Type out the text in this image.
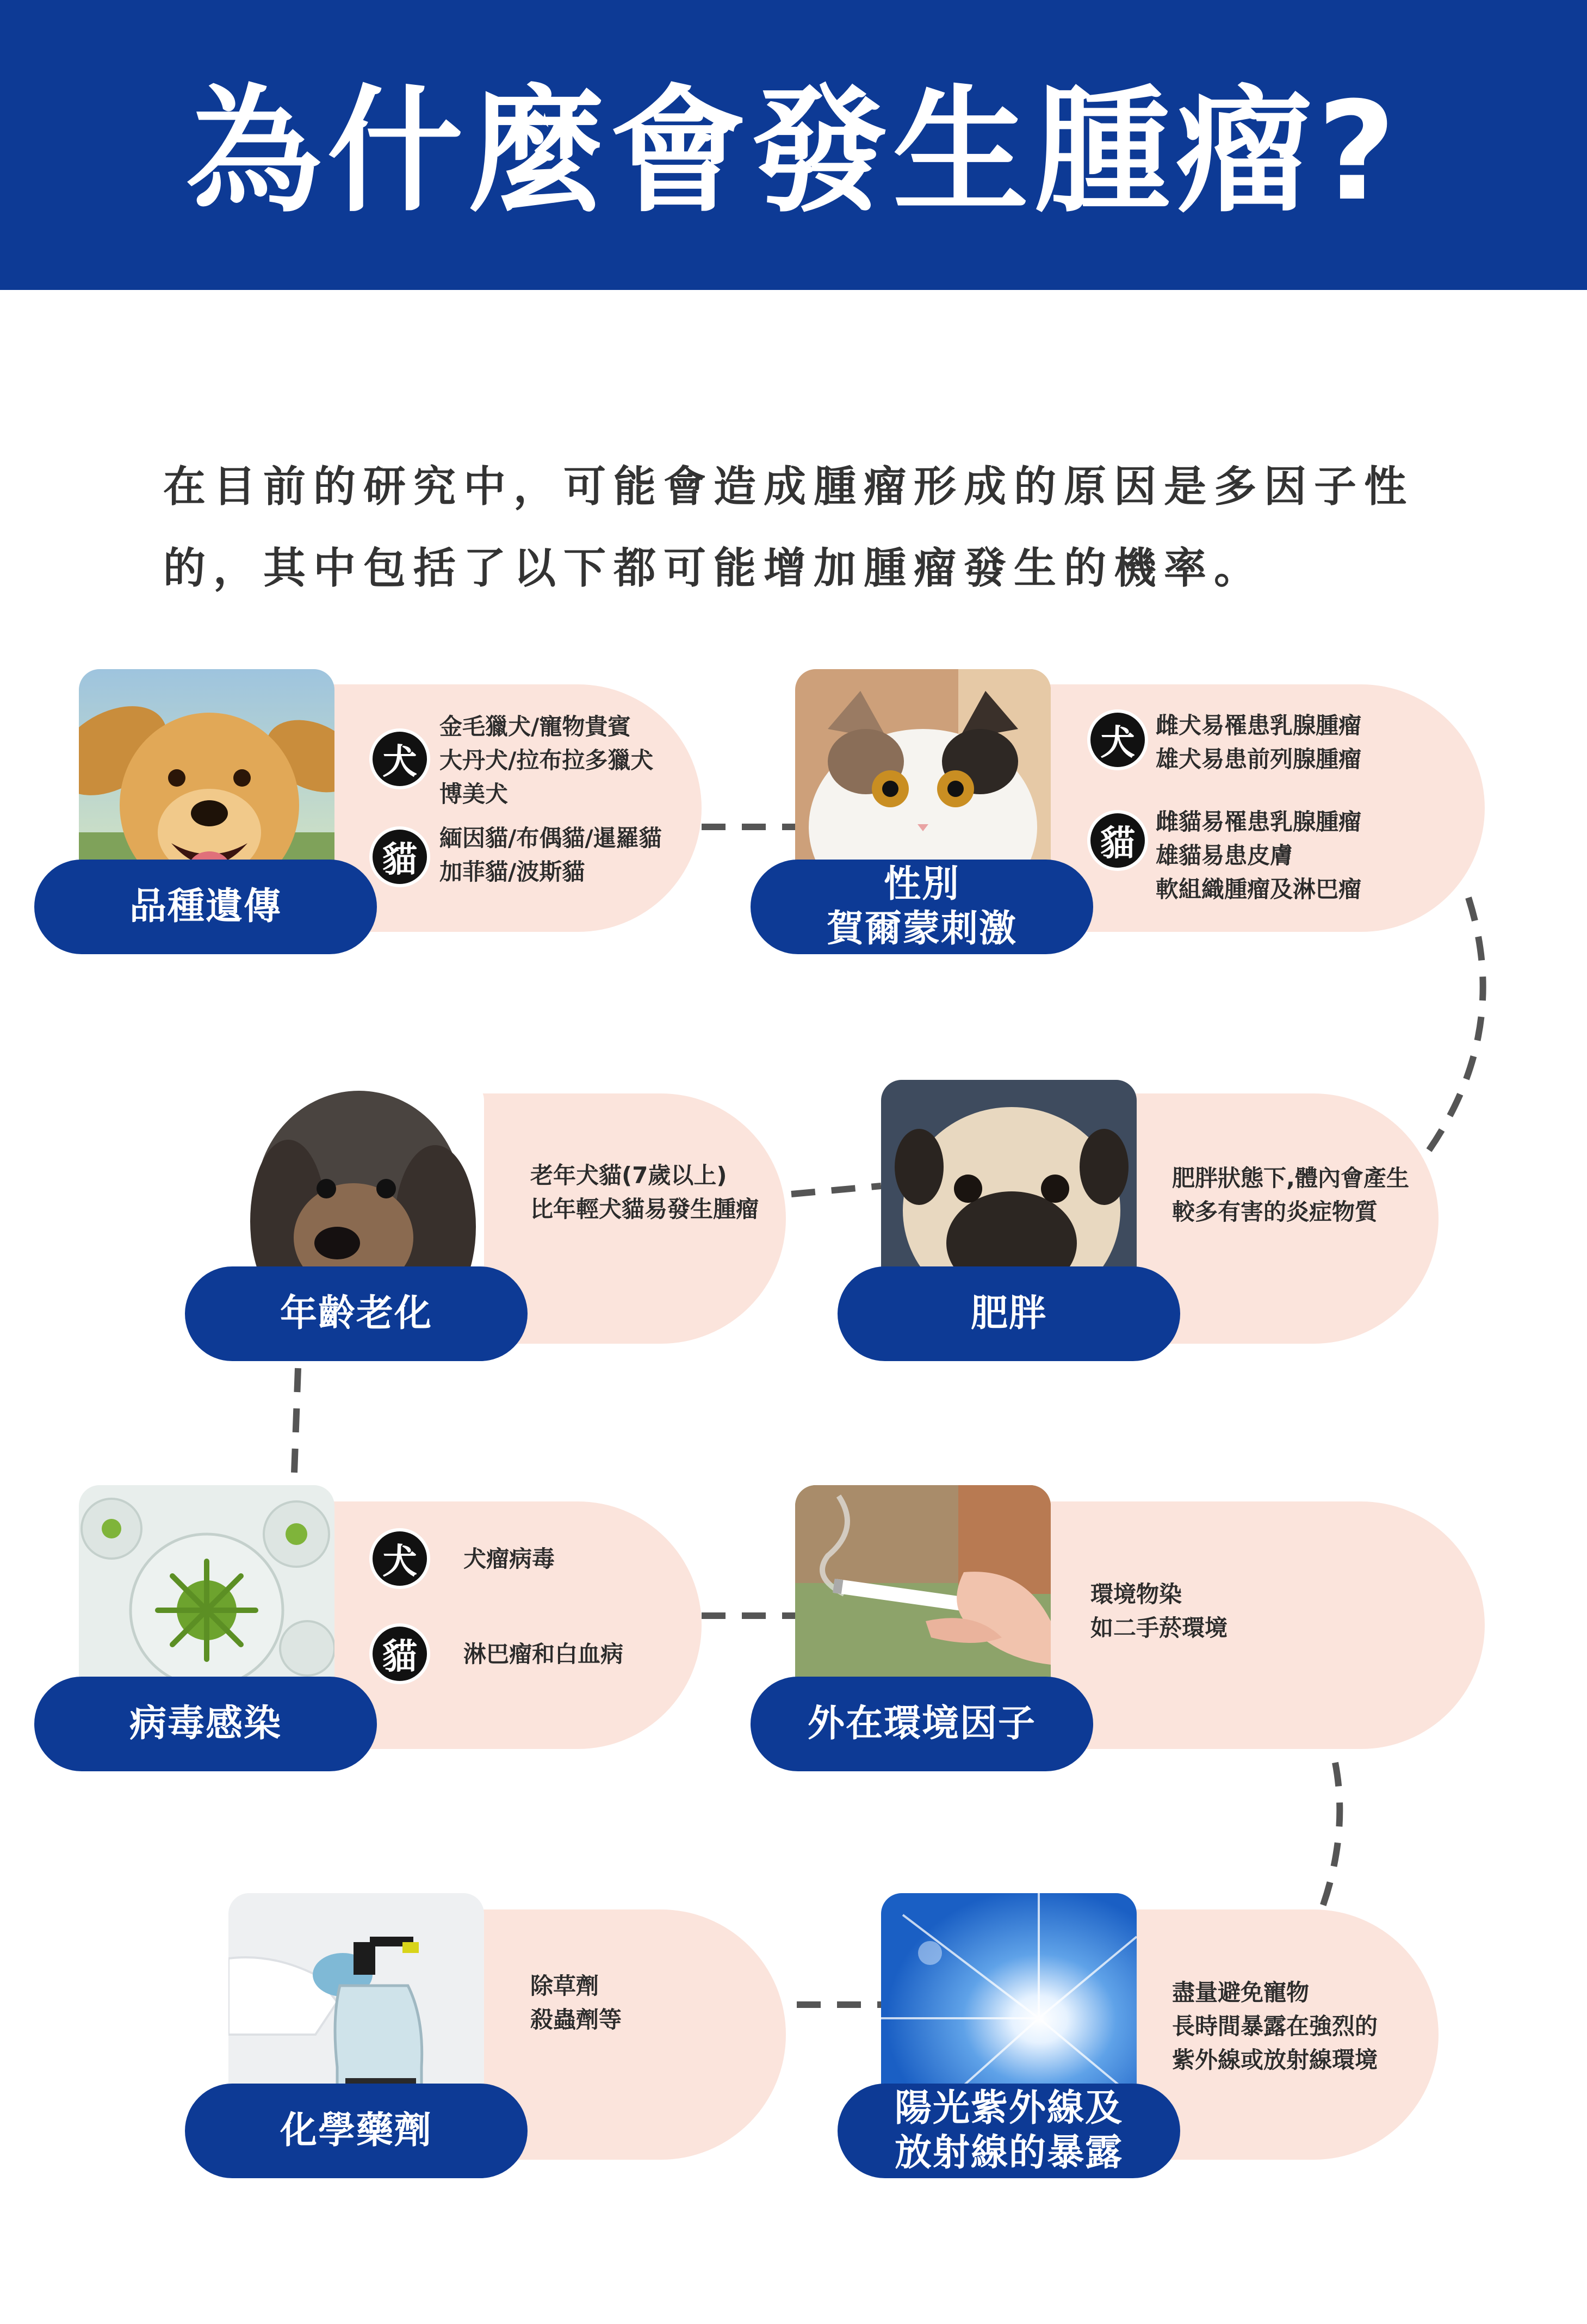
為什麼會發生腫瘤?
在目前的研究中，可能會造成腫瘤形成的原因是多因子性
的，其中包括了以下都可能增加腫瘤發生的機率。
犬
金毛獵犬/寵物貴賓
大丹犬/拉布拉多獵犬
博美犬
貓
緬因貓/布偶貓/暹羅貓
加菲貓/波斯貓
品種遺傳
犬 雌犬易罹患乳腺腫瘤
雄犬易患前列腺腫瘤
貓
雌貓易罹患乳腺腫瘤
雄貓易患皮膚
軟組織腫瘤及淋巴瘤
性別
賀爾蒙刺激
老年犬貓(7歲以上)
比年輕犬貓易發生腫瘤
年齡老化
肥胖狀態下,體內會產生
較多有害的炎症物質
肥胖
犬	犬瘤病毒
貓	淋巴瘤和白血病
病毒感染
環境物染
如二手菸環境
外在環境因子
除草劑
殺蟲劑等
化學藥劑
盡量避免寵物
長時間暴露在強烈的
紫外線或放射線環境
陽光紫外線及
放射線的暴露
